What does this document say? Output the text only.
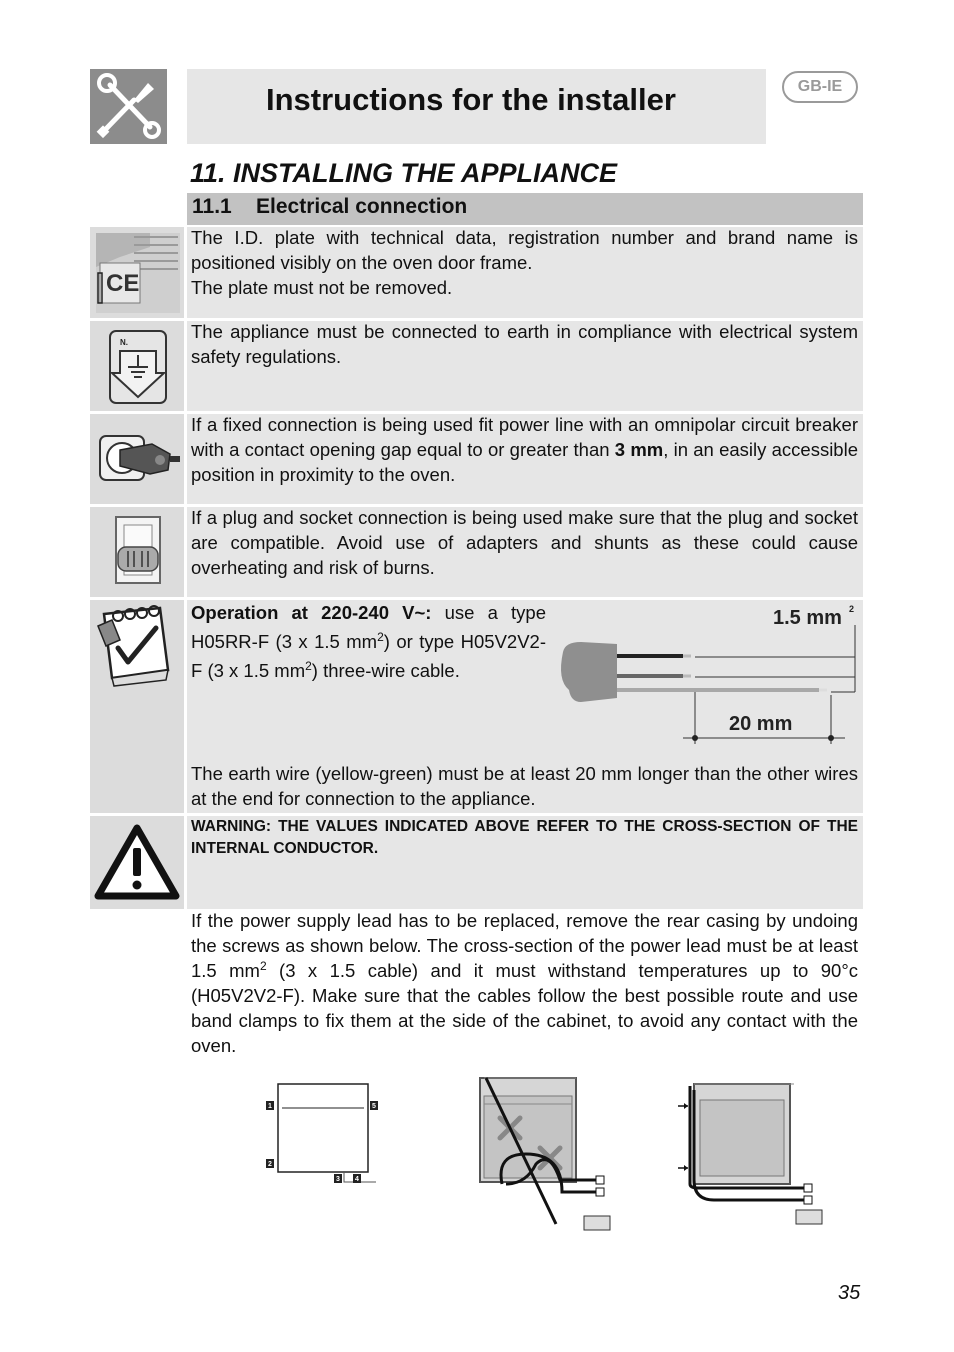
Instructions for the installer	GB-IE
11. INSTALLING THE APPLIANCE
11.1 Electrical connection
CE
The I.D. plate with technical data, registration number and brand name is positioned visibly on the oven door frame.
The plate must not be removed.
N.
The appliance must be connected to earth in compliance with electrical system safety regulations.
If a fixed connection is being used fit power line with an omnipolar circuit breaker with a contact opening gap equal to or greater than 3 mm, in an easily accessible position in proximity to the oven.
If a plug and socket connection is being used make sure that the plug and socket are compatible. Avoid use of adapters and shunts as these could cause overheating and risk of burns.
Operation at 220-240 V~: use a type H05RR-F (3 x 1.5 $mm^2$) or type H05V2V2-F (3 x 1.5 $mm^2$) three-wire cable.
1.5 mm 2
20 mm
The earth wire (yellow-green) must be at least 20 mm longer than the other wires at the end for connection to the appliance.
WARNING: THE VALUES INDICATED ABOVE REFER TO THE CROSS-SECTION OF THE INTERNAL CONDUCTOR.
If the power supply lead has to be replaced, remove the rear casing by undoing the screws as shown below. The cross-section of the power lead must be at least 1.5 $mm^2$ (3 x 1.5 cable) and it must withstand temperatures up to 90°c (H05V2V2-F). Make sure that the cables follow the best possible route and use band clamps to fix them at the side of the cabinet, to avoid any contact with the oven.
1	5
2
3 4
35
